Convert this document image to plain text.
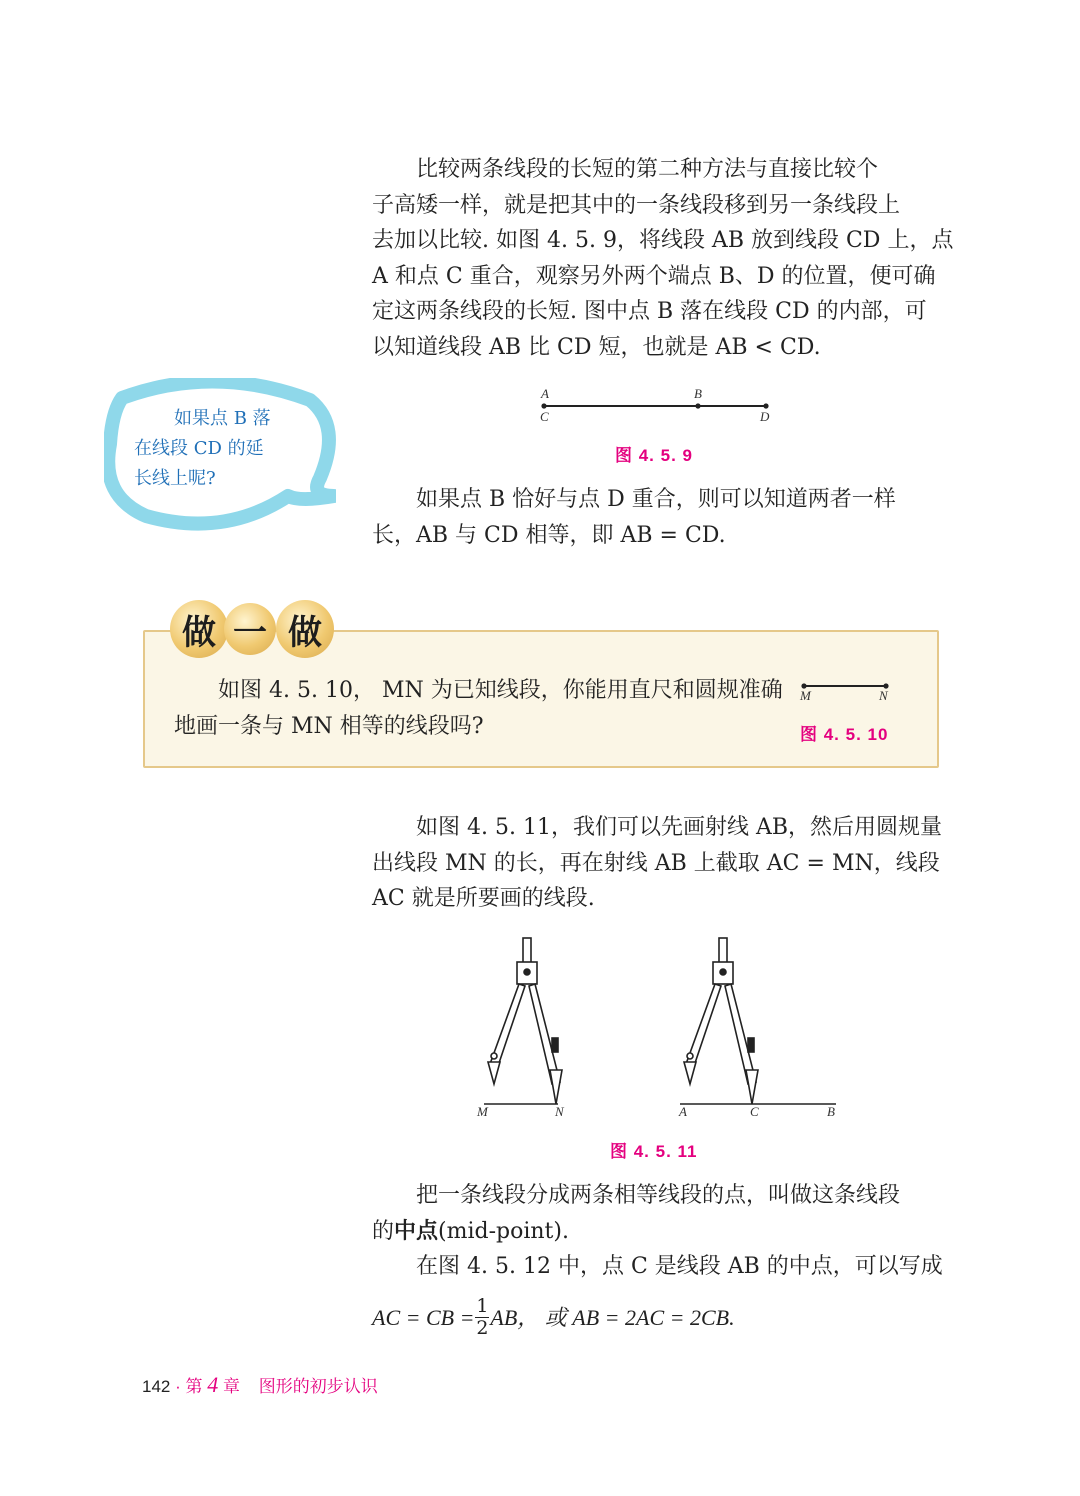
比较两条线段的长短的第二种方法与直接比较个
子高矮一样，就是把其中的一条线段移到另一条线段上
去加以比较. 如图 4. 5. 9，将线段 AB 放到线段 CD 上，点
A 和点 C 重合，观察另外两个端点 B、D 的位置，便可确
定这两条线段的长短. 图中点 B 落在线段 CD 的内部，可
以知道线段 AB 比 CD 短，也就是 AB < CD.
如果点 B 落
在线段 CD 的延
长线上呢?
A
C
B
D
图 4. 5. 9
如果点 B 恰好与点 D 重合，则可以知道两者一样
长，AB 与 CD 相等，即 AB = CD.
做 一 做
如图 4. 5. 10， MN 为已知线段，你能用直尺和圆规准确
地画一条与 MN 相等的线段吗?
M	N
图 4. 5. 10
如图 4. 5. 11，我们可以先画射线 AB，然后用圆规量
出线段 MN 的长，再在射线 AB 上截取 AC = MN，线段
AC 就是所要画的线段.
M	N	A	C	B
图 4. 5. 11
把一条线段分成两条相等线段的点，叫做这条线段
的中点(mid-point).
在图 4. 5. 12 中，点 C 是线段 AB 的中点，可以写成
AC = CB = 1
2 AB， 或 AB = 2AC = 2CB.
142 · 第 4 章 图形的初步认识
